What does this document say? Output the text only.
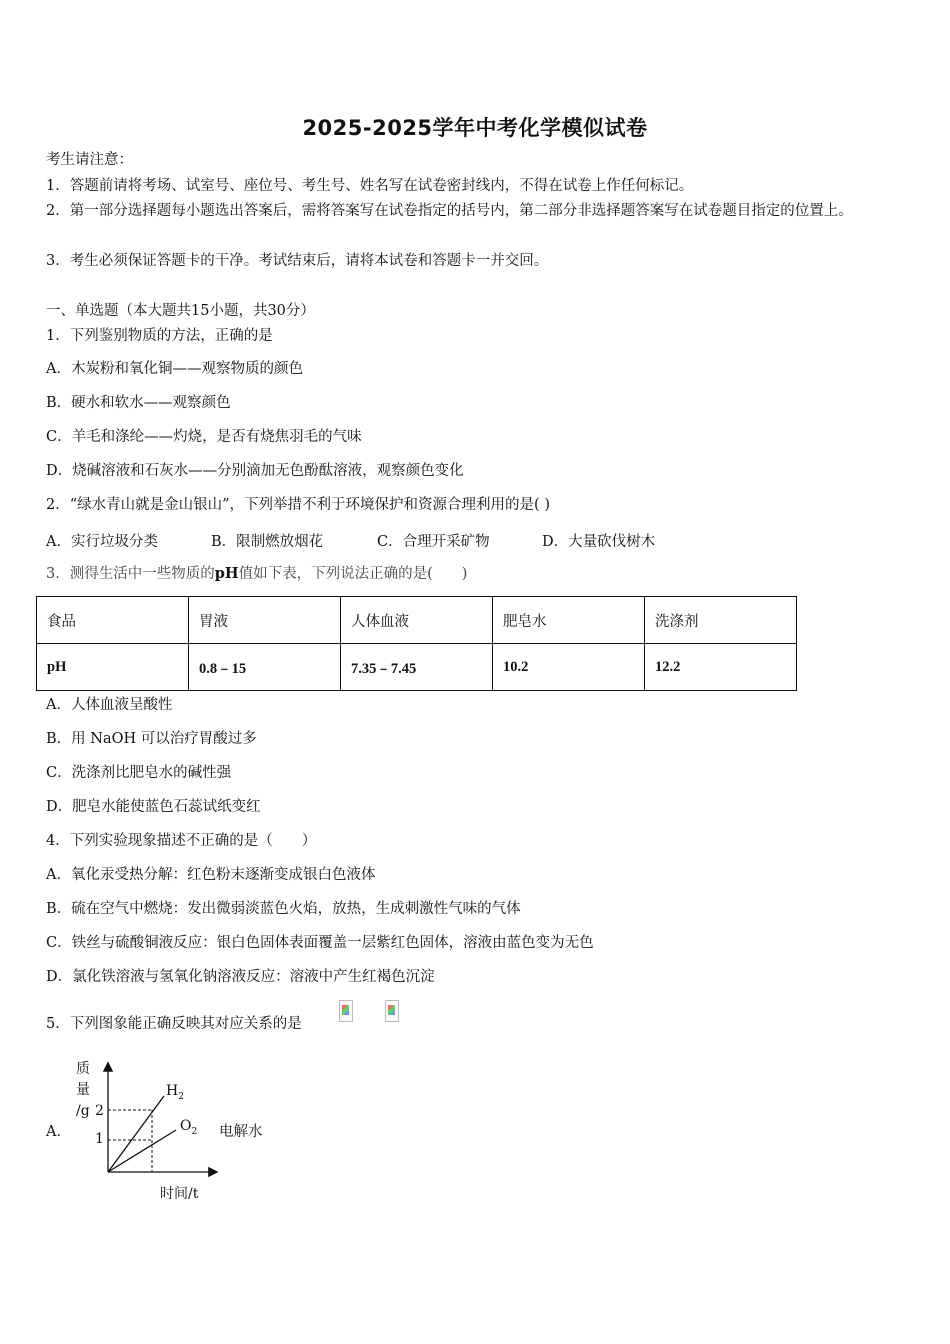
2025-2025学年中考化学模似试卷
考生请注意：
1．答题前请将考场、试室号、座位号、考生号、姓名写在试卷密封线内，不得在试卷上作任何标记。
2．第一部分选择题每小题选出答案后，需将答案写在试卷指定的括号内，第二部分非选择题答案写在试卷题目指定的位置上。
3．考生必须保证答题卡的干净。考试结束后，请将本试卷和答题卡一并交回。
一、单选题（本大题共15小题，共30分）
1．下列鉴别物质的方法，正确的是
A．木炭粉和氧化铜——观察物质的颜色
B．硬水和软水——观察颜色
C．羊毛和涤纶——灼烧，是否有烧焦羽毛的气味
D．烧碱溶液和石灰水——分别滴加无色酚酞溶液，观察颜色变化
2．“绿水青山就是金山银山”，下列举措不利于环境保护和资源合理利用的是( )
A．实行垃圾分类	B．限制燃放烟花	C．合理开采矿物	D．大量砍伐树木
3．测得生活中一些物质的pH值如下表，下列说法正确的是(　　)
食品	胃液	人体血液	肥皂水	洗涤剂
pH	0.8﹣15	7.35﹣7.45	10.2	12.2
A．人体血液呈酸性
B．用 NaOH 可以治疗胃酸过多
C．洗涤剂比肥皂水的碱性强
D．肥皂水能使蓝色石蕊试纸变红
4．下列实验现象描述不正确的是（　　）
A．氧化汞受热分解：红色粉末逐渐变成银白色液体
B．硫在空气中燃烧：发出微弱淡蓝色火焰，放热，生成刺激性气味的气体
C．铁丝与硫酸铜液反应：银白色固体表面覆盖一层紫红色固体，溶液由蓝色变为无色
D．氯化铁溶液与氢氧化钠溶液反应：溶液中产生红褐色沉淀
5．下列图象能正确反映其对应关系的是
A．
质
量
/g 2
1
$H_2$
$O_2$
时间/t
电解水
